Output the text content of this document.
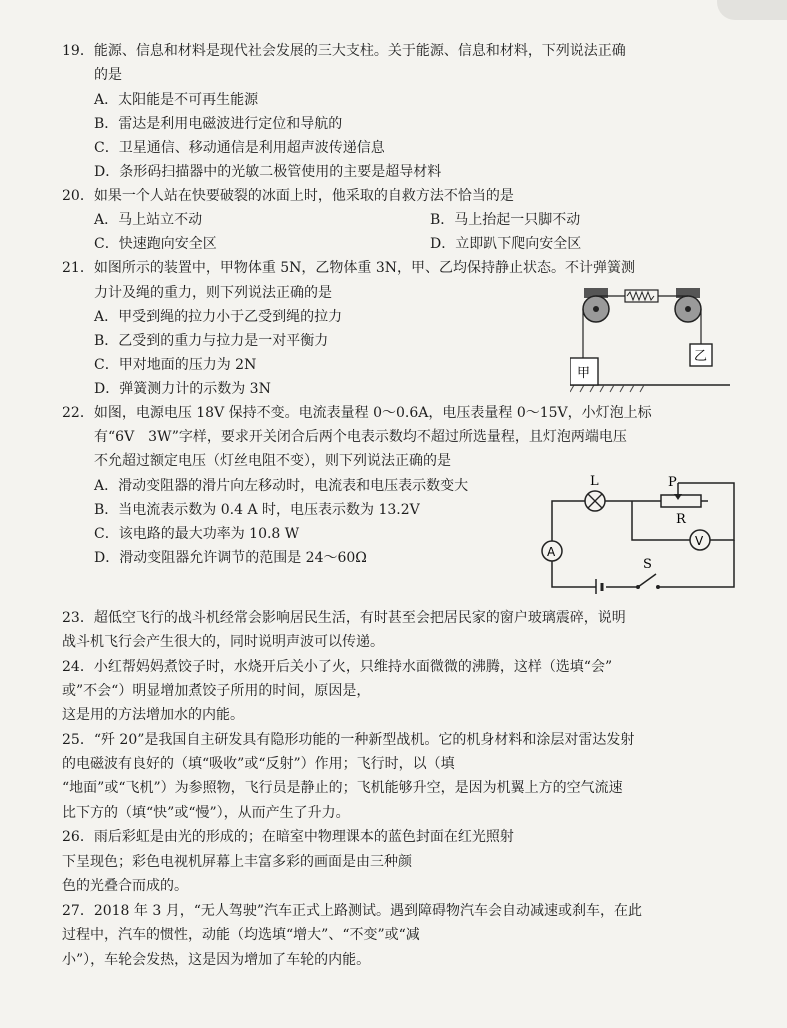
19．能源、信息和材料是现代社会发展的三大支柱。关于能源、信息和材料，下列说法正确
的是
A．太阳能是不可再生能源
B．雷达是利用电磁波进行定位和导航的
C．卫星通信、移动通信是利用超声波传递信息
D．条形码扫描器中的光敏二极管使用的主要是超导材料
20．如果一个人站在快要破裂的冰面上时，他采取的自救方法不恰当的是
A．马上站立不动	B．马上抬起一只脚不动
C．快速跑向安全区	D．立即趴下爬向安全区
21．如图所示的装置中，甲物体重 5N，乙物体重 3N，甲、乙均保持静止状态。不计弹簧测
力计及绳的重力，则下列说法正确的是
A．甲受到绳的拉力小于乙受到绳的拉力
B．乙受到的重力与拉力是一对平衡力
C．甲对地面的压力为 2N
D．弹簧测力计的示数为 3N
甲
乙
22．如图，电源电压 18V 保持不变。电流表量程 0～0.6A，电压表量程 0～15V，小灯泡上标
有“6V　3W”字样，要求开关闭合后两个电表示数均不超过所选量程，且灯泡两端电压
不允超过额定电压（灯丝电阻不变），则下列说法正确的是
A．滑动变阻器的滑片向左移动时，电流表和电压表示数变大
B．当电流表示数为 0.4 A 时，电压表示数为 13.2V
C．该电路的最大功率为 10.8 W
D．滑动变阻器允许调节的范围是 24～60Ω
L	P
R
A
V
S
23．超低空飞行的战斗机经常会影响居民生活，有时甚至会把居民家的窗户玻璃震碎，说明
战斗机飞行会产生很大的，同时说明声波可以传递。
24．小红帮妈妈煮饺子时，水烧开后关小了火，只维持水面微微的沸腾，这样（选填“会”
或”不会“）明显增加煮饺子所用的时间，原因是，
这是用的方法增加水的内能。
25．“歼 20”是我国自主研发具有隐形功能的一种新型战机。它的机身材料和涂层对雷达发射
的电磁波有良好的（填“吸收”或“反射”）作用；飞行时，以（填
“地面”或“飞机”）为参照物，飞行员是静止的；飞机能够升空，是因为机翼上方的空气流速
比下方的（填“快”或“慢”），从而产生了升力。
26．雨后彩虹是由光的形成的；在暗室中物理课本的蓝色封面在红光照射
下呈现色；彩色电视机屏幕上丰富多彩的画面是由三种颜
色的光叠合而成的。
27．2018 年 3 月，“无人驾驶”汽车正式上路测试。遇到障碍物汽车会自动减速或刹车，在此
过程中，汽车的惯性，动能（均选填“增大”、“不变”或“减
小”），车轮会发热，这是因为增加了车轮的内能。
